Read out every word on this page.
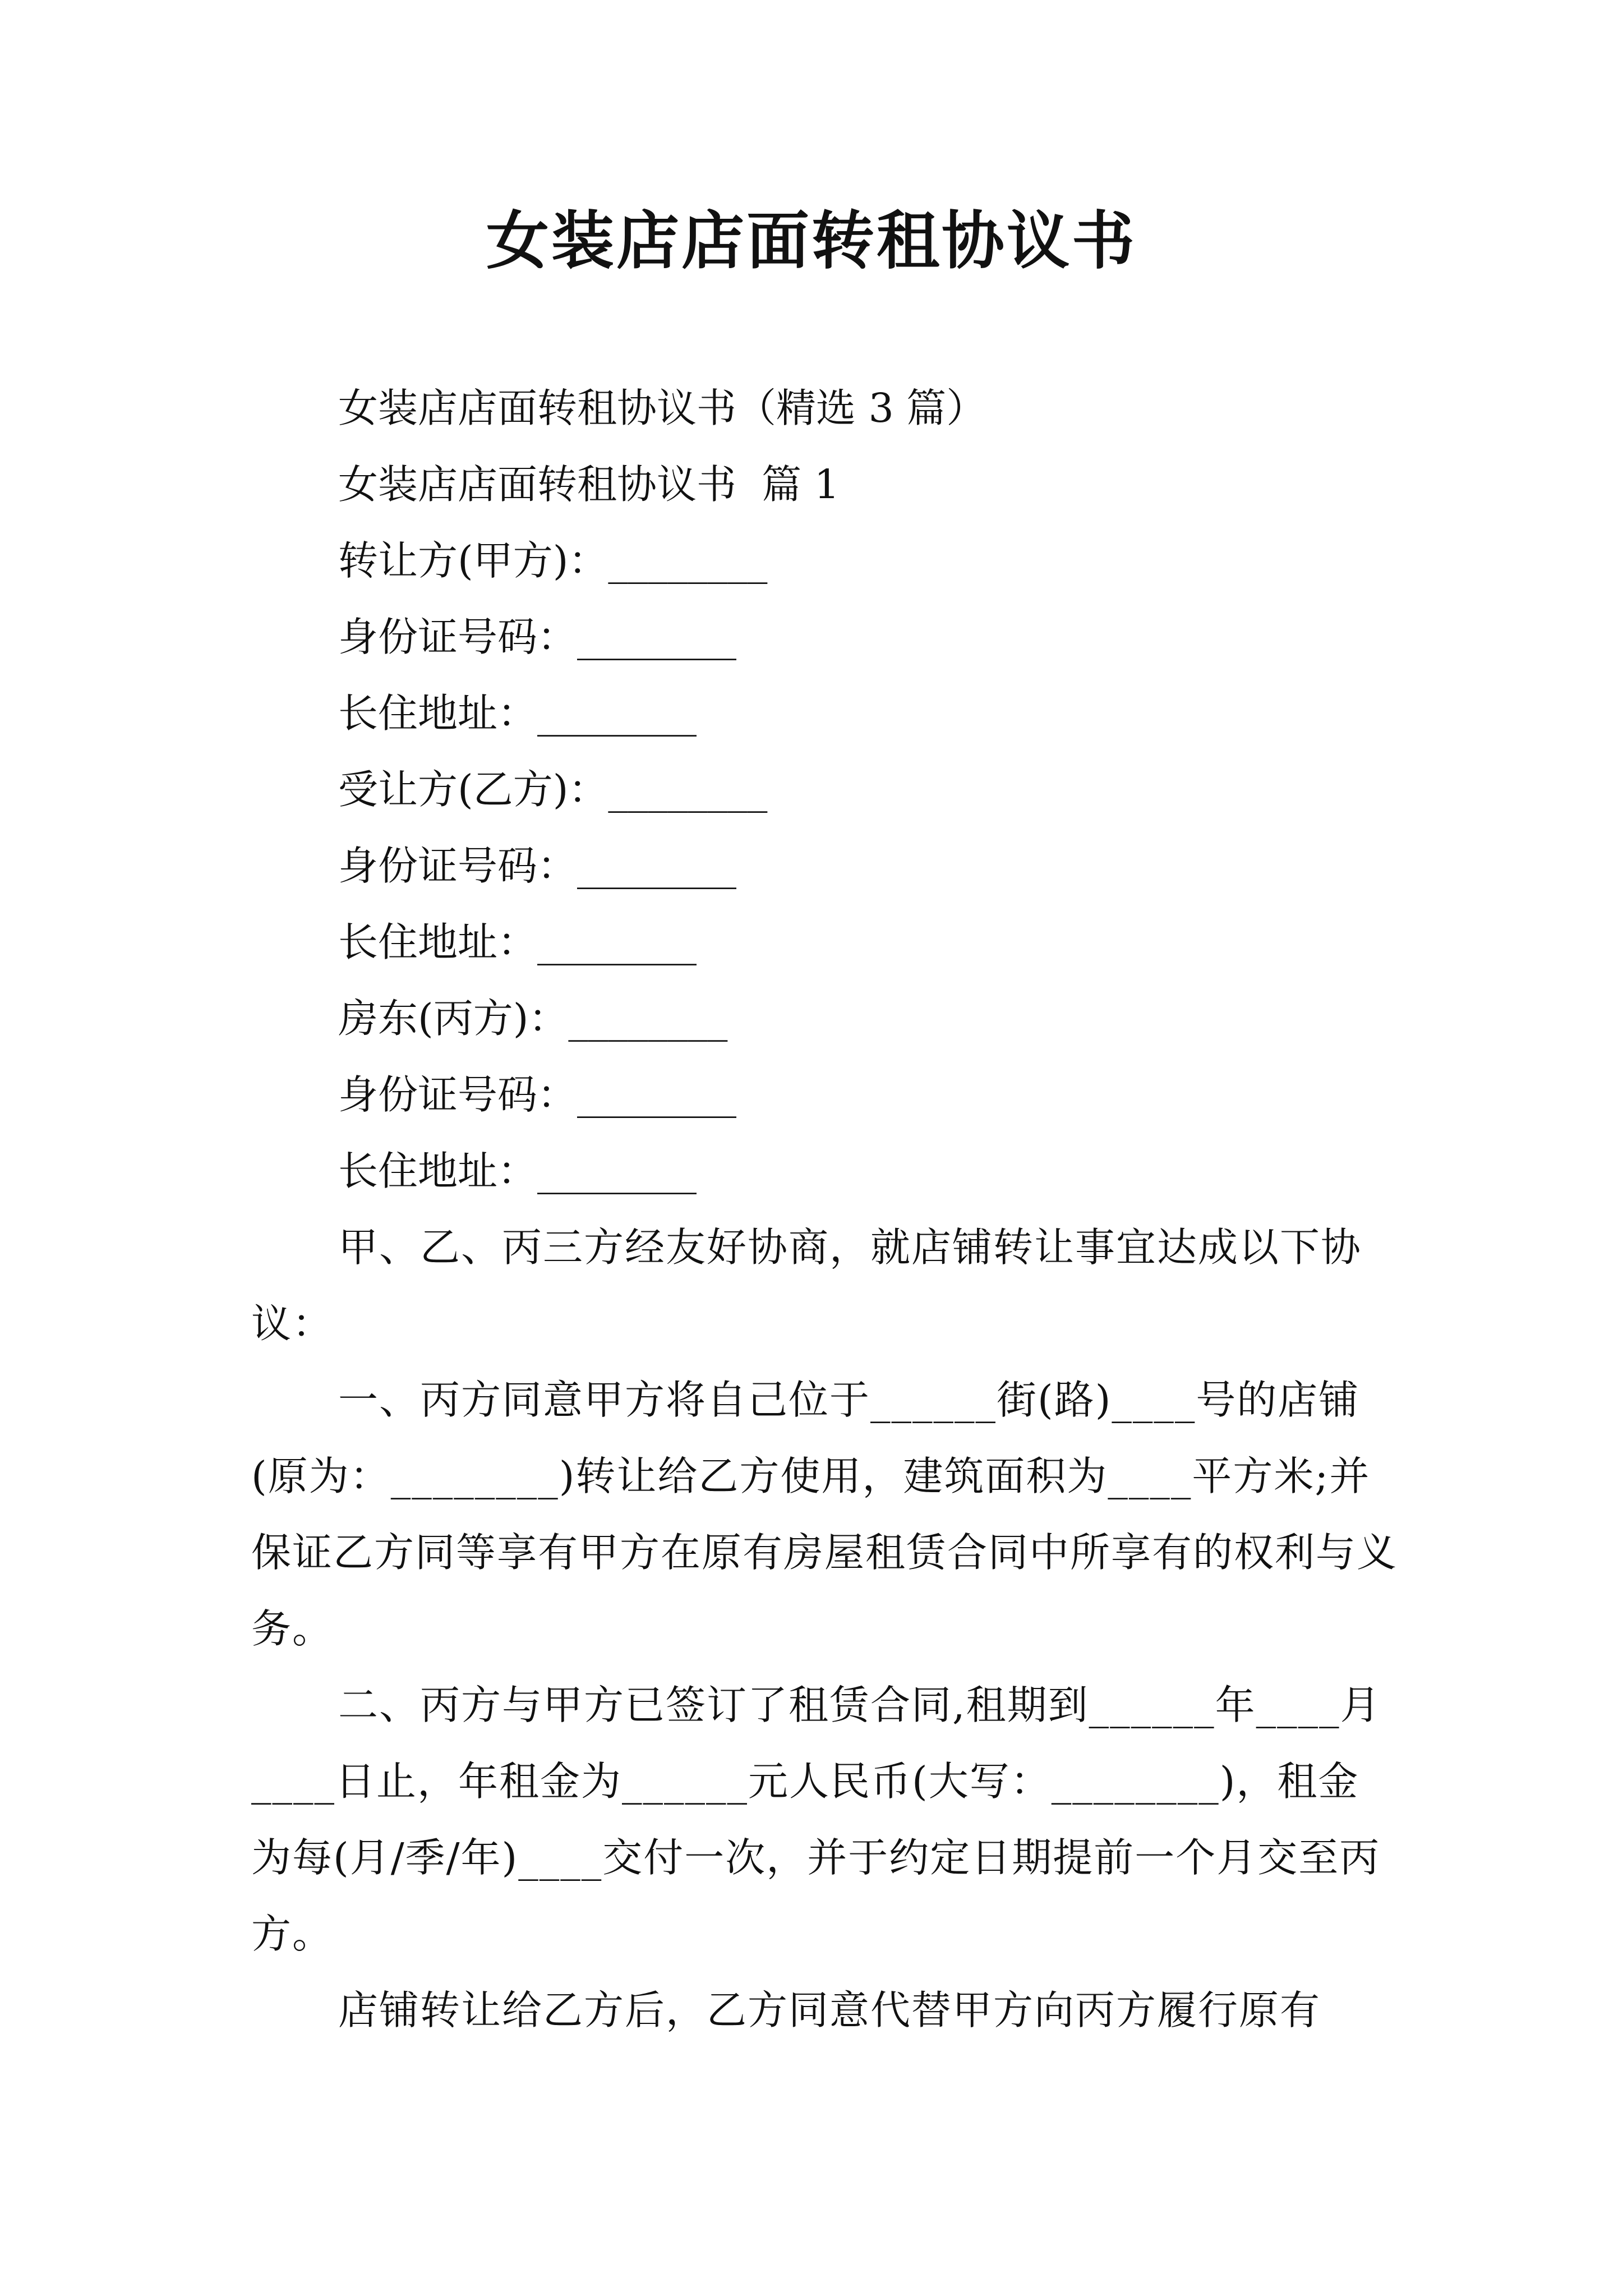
女装店店面转租协议书

女装店店面转租协议书（精选 3 篇）

女装店店面转租协议书  篇 1

转让方(甲方)：________

身份证号码：________

长住地址：________

受让方(乙方)：________

身份证号码：________

长住地址：________

房东(丙方)：________

身份证号码：________

长住地址：________

甲、乙、丙三方经友好协商，就店铺转让事宜达成以下协议：

一、丙方同意甲方将自己位于______街(路)____号的店铺(原为：________)转让给乙方使用，建筑面积为____平方米;并保证乙方同等享有甲方在原有房屋租赁合同中所享有的权利与义务。

二、丙方与甲方已签订了租赁合同,租期到______年____月____日止，年租金为______元人民币(大写：________)，租金为每(月/季/年)____交付一次，并于约定日期提前一个月交至丙方。

店铺转让给乙方后，乙方同意代替甲方向丙方履行原有
